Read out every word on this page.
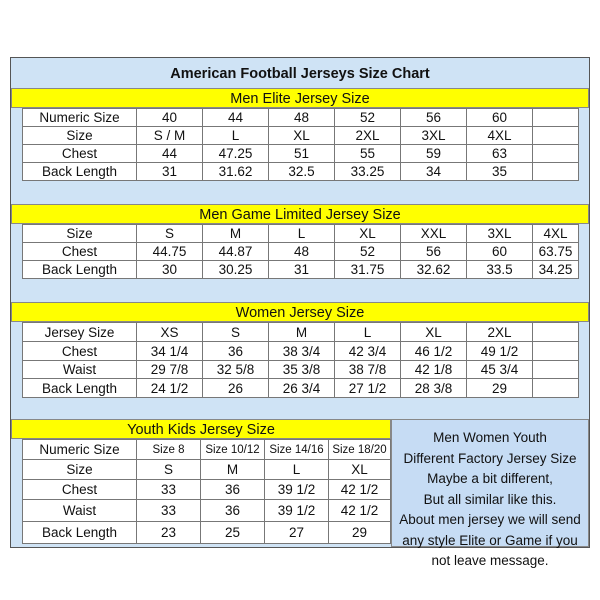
American Football Jerseys Size Chart
Men Elite Jersey Size
Numeric Size	40	44	48	52	56	60	
Size	S / M	L	XL	2XL	3XL	4XL	
Chest	44	47.25	51	55	59	63	
Back Length	31	31.62	32.5	33.25	34	35	
Men Game Limited Jersey Size
Size	S	M	L	XL	XXL	3XL	4XL
Chest	44.75	44.87	48	52	56	60	63.75
Back Length	30	30.25	31	31.75	32.62	33.5	34.25
Women Jersey Size
Jersey Size	XS	S	M	L	XL	2XL	
Chest	34 1/4	36	38 3/4	42 3/4	46 1/2	49 1/2	
Waist	29 7/8	32 5/8	35 3/8	38 7/8	42 1/8	45 3/4	
Back Length	24 1/2	26	26 3/4	27 1/2	28 3/8	29	
Youth Kids Jersey Size
Numeric Size	Size 8	Size 10/12	Size 14/16	Size 18/20
Size	S	M	L	XL
Chest	33	36	39 1/2	42 1/2
Waist	33	36	39 1/2	42 1/2
Back Length	23	25	27	29
Men Women Youth
Different Factory Jersey Size
Maybe a bit different,
But all similar like this.
About men jersey we will send
any style Elite or Game if you
not leave message.
